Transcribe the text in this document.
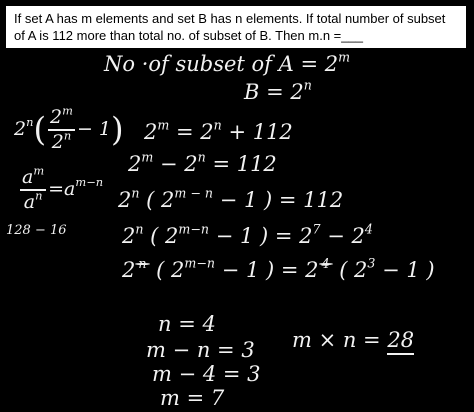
If set A has m elements and set B has n elements. If total number of subset of A is 112 more than total no. of subset of B. Then m.n =___
No ·of subset of $A = 2^m$
$B = 2^n$
$2^n( \frac{2^m}{2^n} - 1)$
$\frac{a^m}{a^n} =a^{m-n}$
128 − 16
$2^m = 2^n + 112$
$2^m - 2^n = 112$
2$^n$ ( $2^{m - n} - 1$ ) = 112
2$^n$ ( $2^{m-n} - 1$ ) = $2^7 - 2^4$
2 $^n$ ( $2^{m-n} - 1$ ) = 2 $^4$ ( $2^3 - 1$ )
n = 4
m − n = 3
m − 4 = 3
m = 7
m × n = 28
